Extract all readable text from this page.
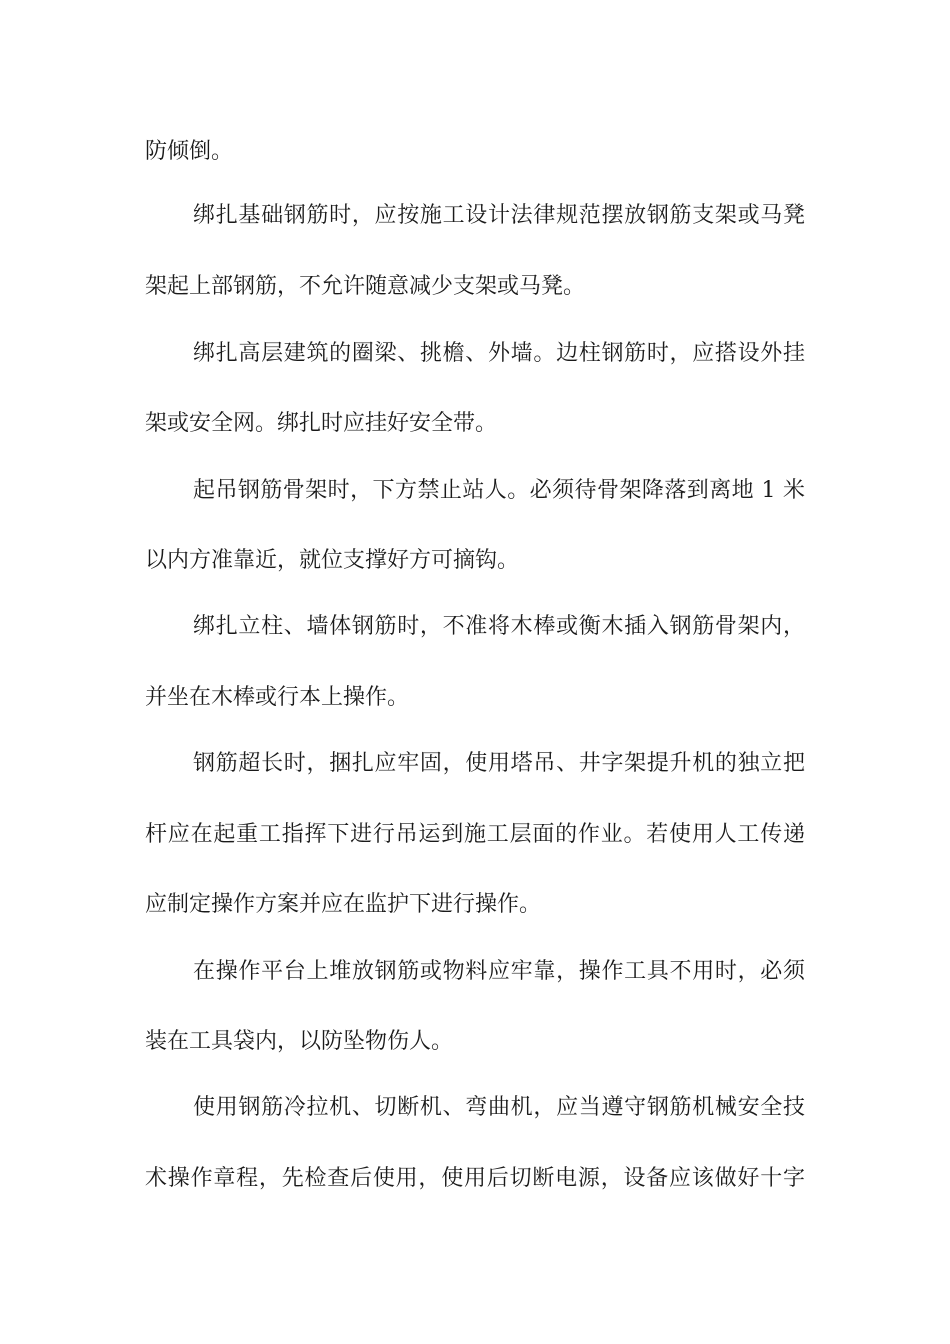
防倾倒。
绑扎基础钢筋时，应按施工设计法律规范摆放钢筋支架或马凳
架起上部钢筋，不允许随意减少支架或马凳。
绑扎高层建筑的圈梁、挑檐、外墙。边柱钢筋时，应搭设外挂
架或安全网。绑扎时应挂好安全带。
起吊钢筋骨架时，下方禁止站人。必须待骨架降落到离地 1 米
以内方准靠近，就位支撑好方可摘钩。
绑扎立柱、墙体钢筋时，不准将木棒或衡木插入钢筋骨架内，
并坐在木棒或行本上操作。
钢筋超长时，捆扎应牢固，使用塔吊、井字架提升机的独立把
杆应在起重工指挥下进行吊运到施工层面的作业。若使用人工传递
应制定操作方案并应在监护下进行操作。
在操作平台上堆放钢筋或物料应牢靠，操作工具不用时，必须
装在工具袋内，以防坠物伤人。
使用钢筋冷拉机、切断机、弯曲机，应当遵守钢筋机械安全技
术操作章程，先检查后使用，使用后切断电源，设备应该做好十字
